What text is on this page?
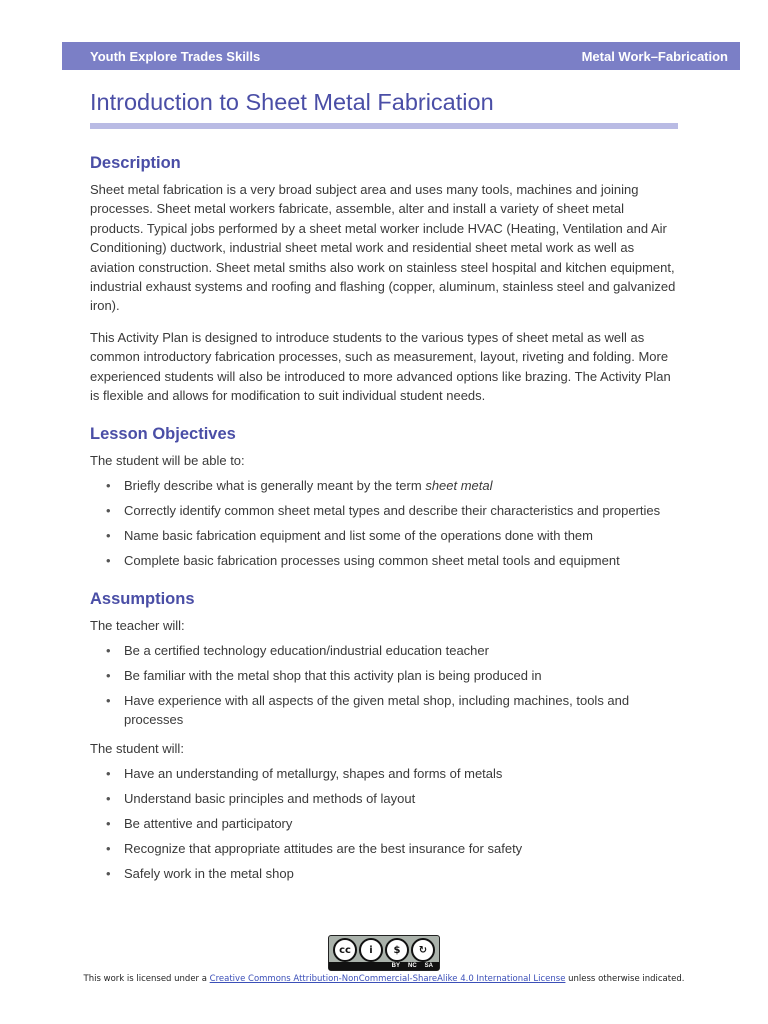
Youth Explore Trades Skills	Metal Work–Fabrication
Introduction to Sheet Metal Fabrication
Description

Sheet metal fabrication is a very broad subject area and uses many tools, machines and joining processes. Sheet metal workers fabricate, assemble, alter and install a variety of sheet metal products. Typical jobs performed by a sheet metal worker include HVAC (Heating, Ventilation and Air Conditioning) ductwork, industrial sheet metal work and residential sheet metal work as well as aviation construction. Sheet metal smiths also work on stainless steel hospital and kitchen equipment, industrial exhaust systems and roofing and flashing (copper, aluminum, stainless steel and galvanized iron).

This Activity Plan is designed to introduce students to the various types of sheet metal as well as common introductory fabrication processes, such as measurement, layout, riveting and folding. More experienced students will also be introduced to more advanced options like brazing. The Activity Plan is flexible and allows for modification to suit individual student needs.

Lesson Objectives

The student will be able to:

• Briefly describe what is generally meant by the term sheet metal
• Correctly identify common sheet metal types and describe their characteristics and properties
• Name basic fabrication equipment and list some of the operations done with them
• Complete basic fabrication processes using common sheet metal tools and equipment
Assumptions

The teacher will:

• Be a certified technology education/industrial education teacher
• Be familiar with the metal shop that this activity plan is being produced in
• Have experience with all aspects of the given metal shop, including machines, tools and processes

The student will:

• Have an understanding of metallurgy, shapes and forms of metals
• Understand basic principles and methods of layout
• Be attentive and participatory
• Recognize that appropriate attitudes are the best insurance for safety
• Safely work in the metal shop
cc	i	$	↻
BY NC SA
This work is licensed under a Creative Commons Attribution-NonCommercial-ShareAlike 4.0 International License unless otherwise indicated.
